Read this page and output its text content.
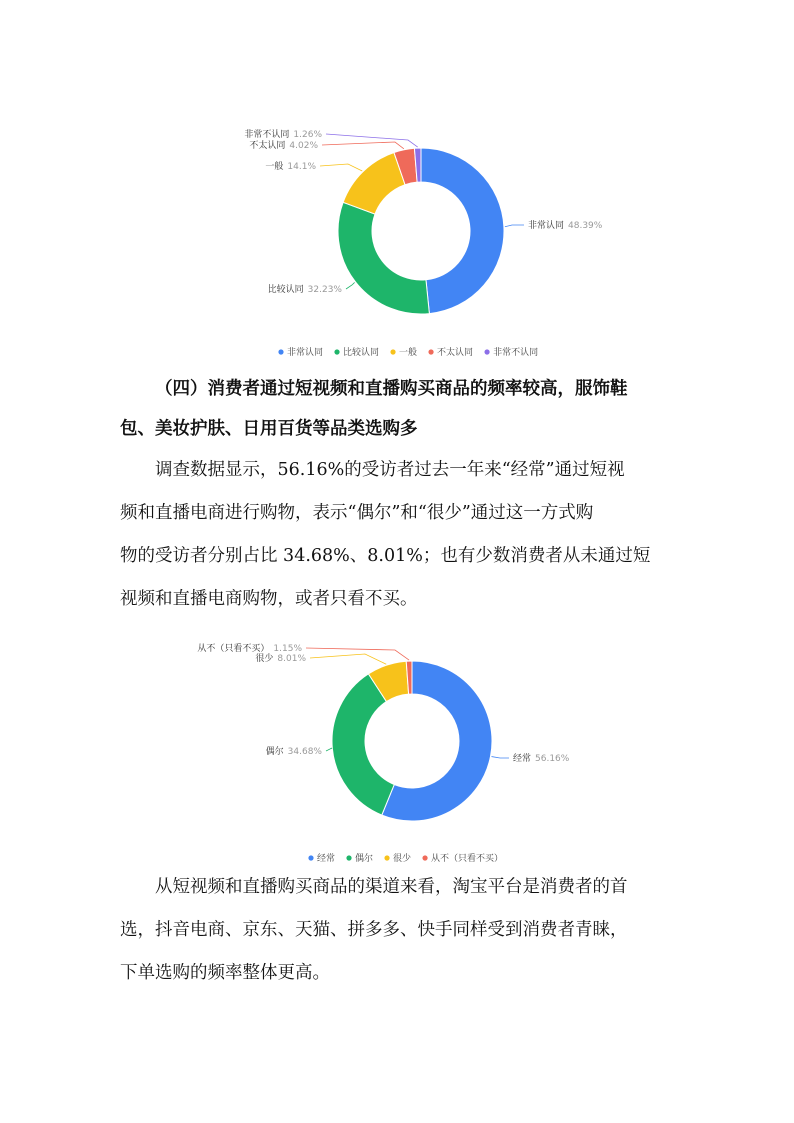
非常认同 48.39%
比较认同 32.23%
一般 14.1%
不太认同 4.02%
非常不认同 1.26%
非常认同 比较认同 一般 不太认同 非常不认同
（四）消费者通过短视频和直播购买商品的频率较高，服饰鞋
包、美妆护肤、日用百货等品类选购多
调查数据显示，56.16%的受访者过去一年来“经常”通过短视
频和直播电商进行购物，表示“偶尔”和“很少”通过这一方式购
物的受访者分别占比 34.68%、8.01%；也有少数消费者从未通过短
视频和直播电商购物，或者只看不买。
经常 56.16%
偶尔 34.68%
很少 8.01%
从不（只看不买） 1.15%
经常 偶尔 很少 从不（只看不买）
从短视频和直播购买商品的渠道来看，淘宝平台是消费者的首
选，抖音电商、京东、天猫、拼多多、快手同样受到消费者青睐，
下单选购的频率整体更高。
